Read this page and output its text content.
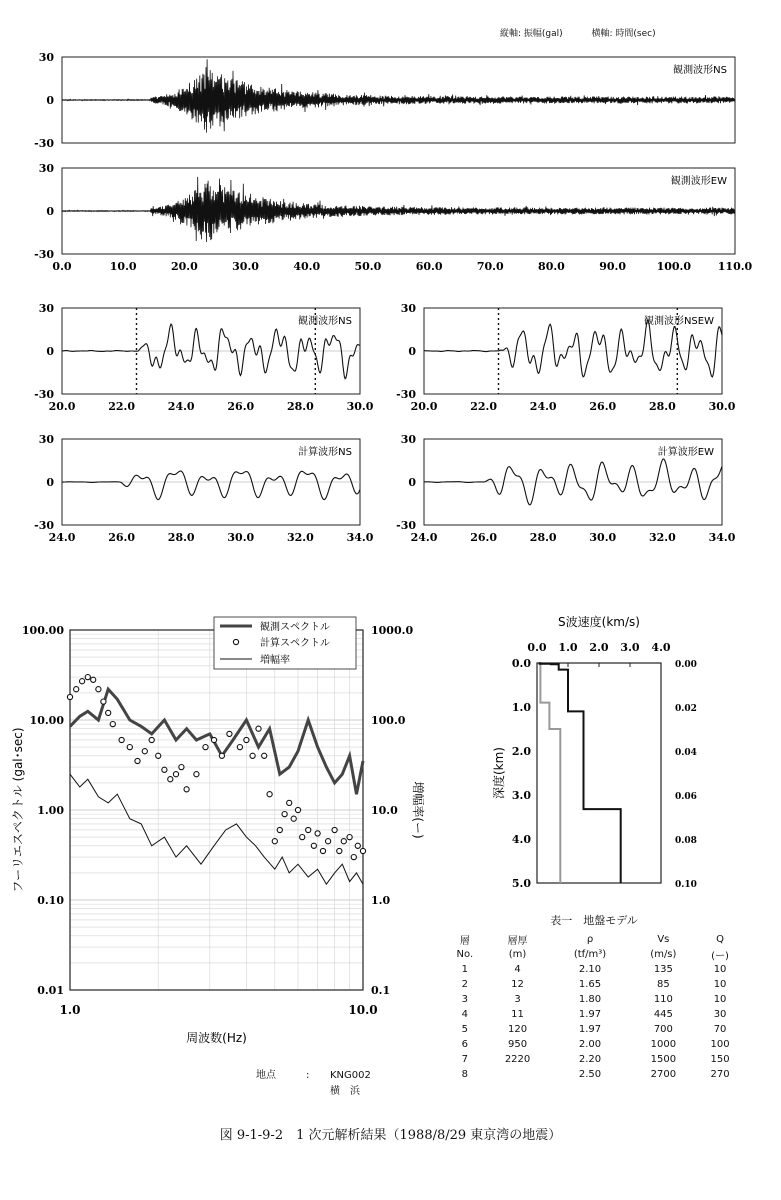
縦軸: 振幅(gal)	横軸: 時間(sec)
30
0
-30
観測波形NS
30
0
-30
0.0	10.0	20.0	30.0	40.0	50.0	60.0	70.0	80.0	90.0	100.0 110.0
観測波形EW
30
0
-30
20.0	22.0	24.0	26.0	28.0	30.0
観測波形NS
30
0
-30
20.0	22.0	24.0	26.0	28.0	30.0
観測波形NSEW
30
0
-30
24.0	26.0	28.0	30.0	32.0	34.0
計算波形NS
30
0
-30
24.0	26.0	28.0	30.0	32.0	34.0
計算波形EW
100.00
10.00
1.00
0.10
0.01
1000.0
100.0
10.0
1.0
0.1
1.0	10.0
周波数(Hz)
フーリエスペクトル (gal･sec)	増幅率(ー)
観測スペクトル
計算スペクトル
増幅率
S波速度(km/s)
0.0 1.0 2.0 3.0 4.0
0.0
1.0
2.0
3.0
4.0
5.0
0.00
0.02
0.04
0.06
0.08
0.10
深度(km)
表一　地盤モデル
層	層厚	ρ	Vs	Q
No.	(m)	(tf/m³)	(m/s)	(ー)
1	4	2.10	135	10
2	12	1.65	85	10
3	3	1.80	110	10
4	11	1.97	445	30
5	120	1.97	700	70
6	950	2.00	1000	100
7	2220	2.20	1500	150
8		2.50	2700	270
地点	: KNG002
横　浜
図 9-1-9-2　1 次元解析結果（1988/8/29 東京湾の地震）
